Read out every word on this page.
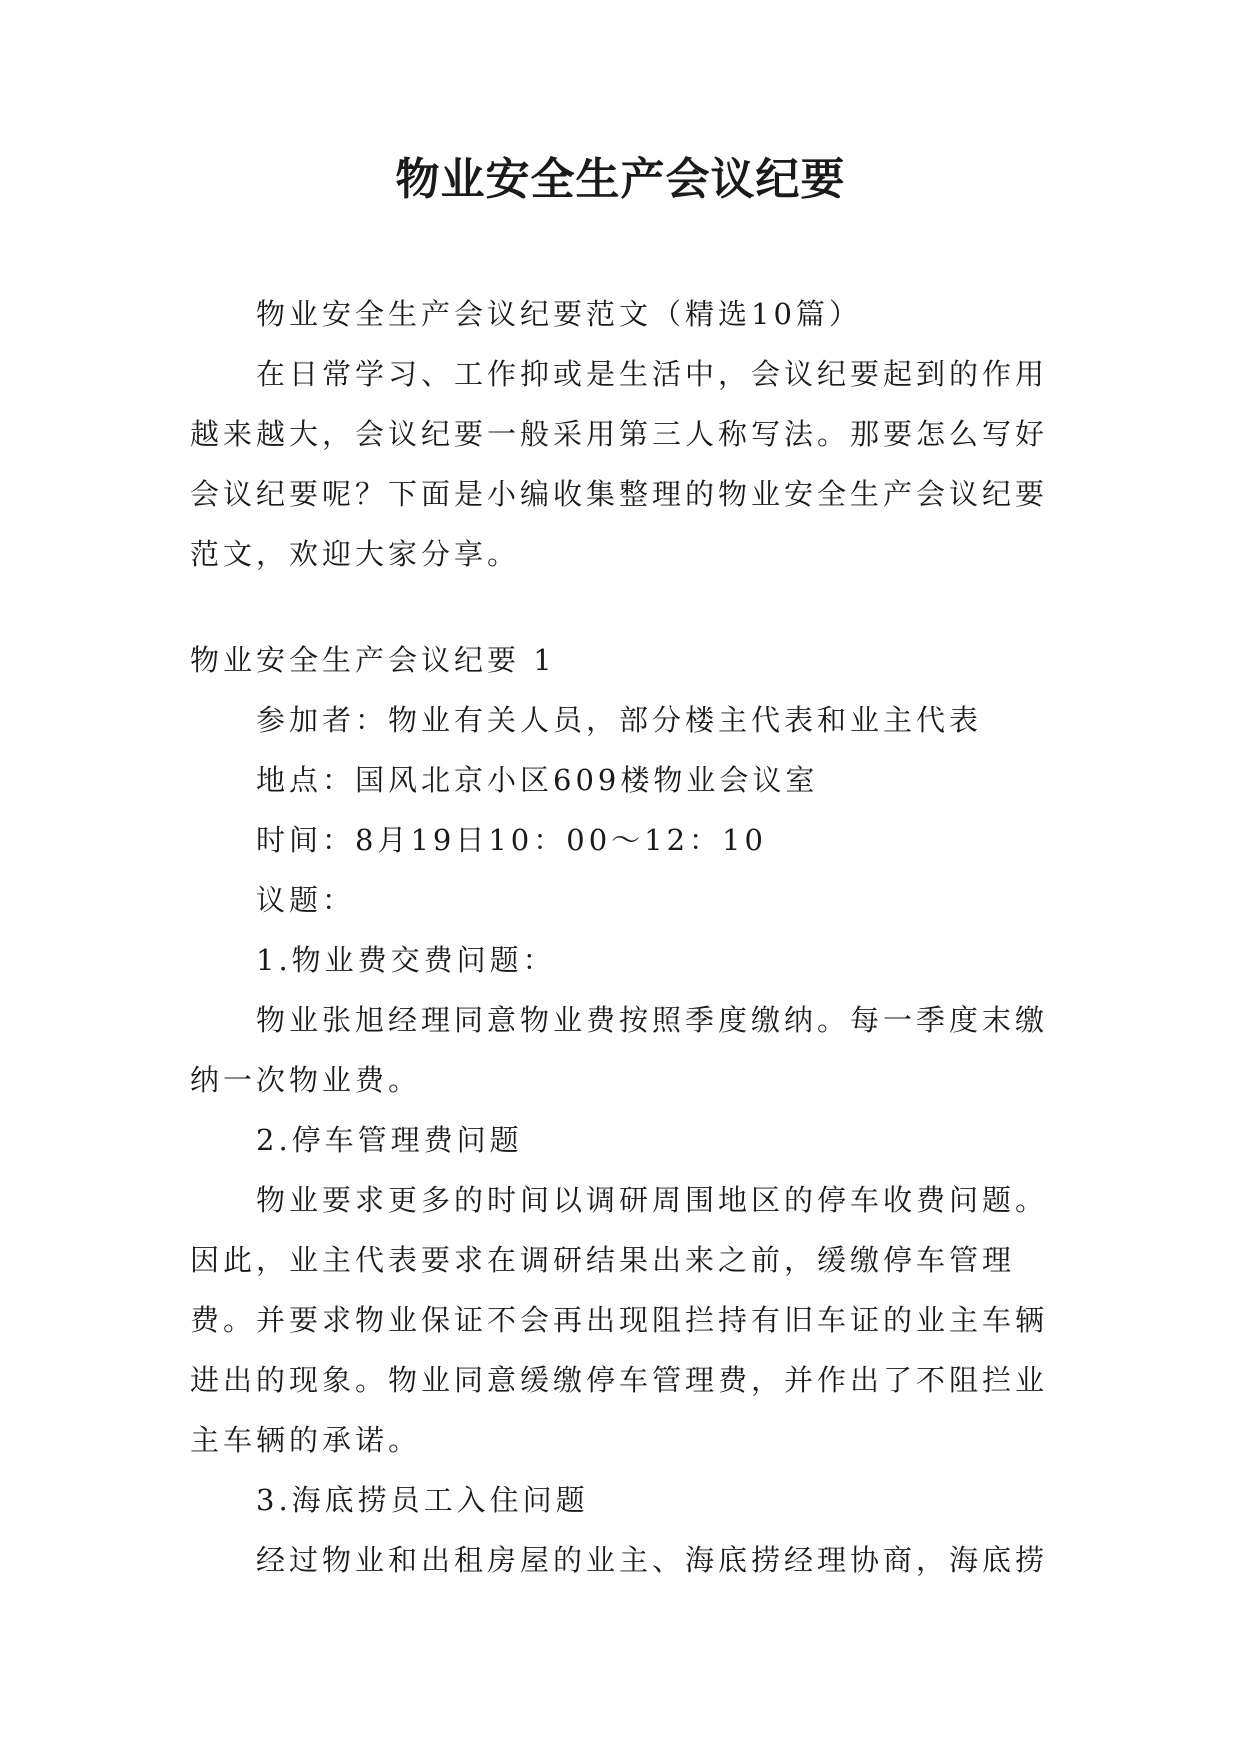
物业安全生产会议纪要

物业安全生产会议纪要范文（精选10篇）

在日常学习、工作抑或是生活中，会议纪要起到的作用越来越大，会议纪要一般采用第三人称写法。那要怎么写好会议纪要呢？下面是小编收集整理的物业安全生产会议纪要范文，欢迎大家分享。

物业安全生产会议纪要 1

参加者：物业有关人员，部分楼主代表和业主代表

地点：国风北京小区609楼物业会议室

时间：8月19日10：00～12：10

议题：

1.物业费交费问题：

物业张旭经理同意物业费按照季度缴纳。每一季度末缴纳一次物业费。

2.停车管理费问题

物业要求更多的时间以调研周围地区的停车收费问题。因此，业主代表要求在调研结果出来之前，缓缴停车管理费。并要求物业保证不会再出现阻拦持有旧车证的业主车辆进出的现象。物业同意缓缴停车管理费，并作出了不阻拦业主车辆的承诺。

3.海底捞员工入住问题

经过物业和出租房屋的业主、海底捞经理协商，海底捞
